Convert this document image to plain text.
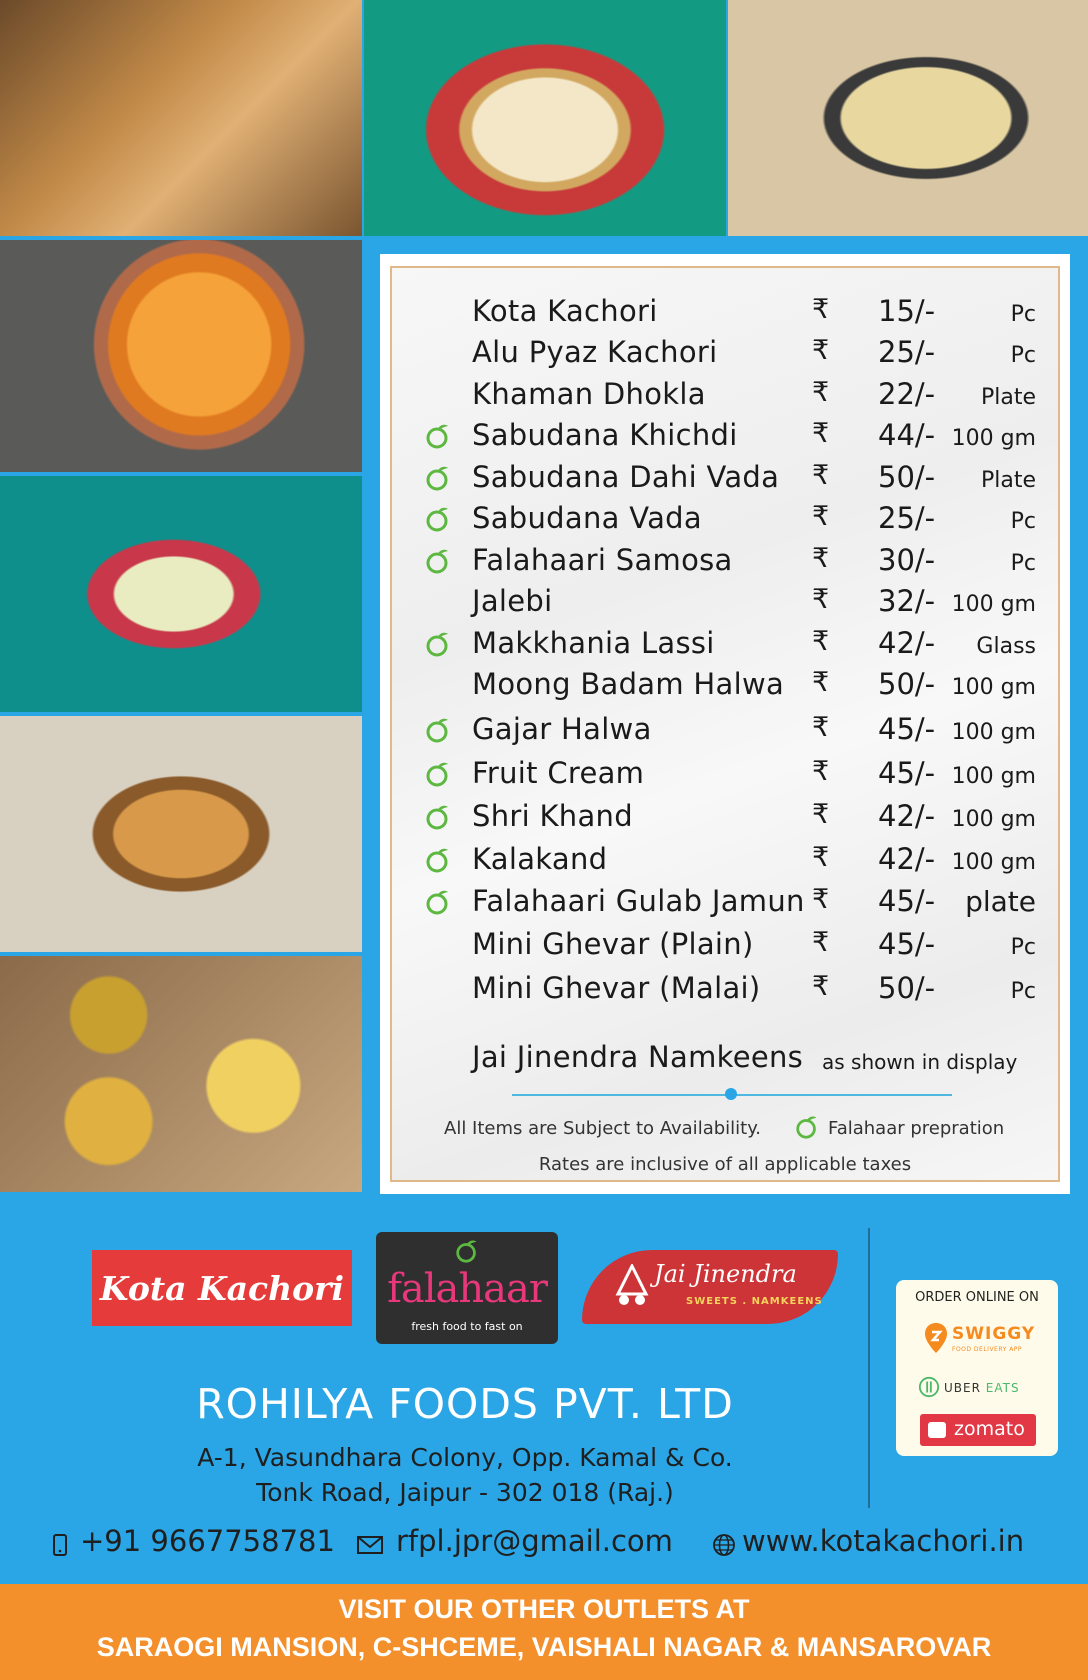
Kota Kachori	₹ 15/-	Pc
Alu Pyaz Kachori	₹ 25/-	Pc
Khaman Dhokla	₹ 22/- Plate
Sabudana Khichdi	₹ 44/- 100 gm
Sabudana Dahi Vada ₹ 50/- Plate
Sabudana Vada	₹ 25/-	Pc
Falahaari Samosa	₹ 30/-	Pc
Jalebi	₹ 32/- 100 gm
Makkhania Lassi	₹ 42/- Glass
Moong Badam Halwa ₹ 50/- 100 gm
Gajar Halwa	₹ 45/- 100 gm
Fruit Cream	₹ 45/- 100 gm
Shri Khand	₹ 42/- 100 gm
Kalakand	₹ 42/- 100 gm
Falahaari Gulab Jamun ₹ 45/- plate
Mini Ghevar (Plain) ₹ 45/-	Pc
Mini Ghevar (Malai) ₹ 50/-	Pc
Jai Jinendra Namkeens as shown in display
All Items are Subject to Availability.	Falahaar prepration
Rates are inclusive of all applicable taxes
Kota Kachori falahaar
fresh food to fast on
Jai Jinendra
SWEETS . NAMKEENS	ORDER ONLINE ON
SWIGGY
FOOD DELIVERY APP
UBER EATS
zomato
ROHILYA FOODS PVT. LTD
A-1, Vasundhara Colony, Opp. Kamal & Co.
Tonk Road, Jaipur - 302 018 (Raj.)
+91 9667758781 rfpl.jpr@gmail.com www.kotakachori.in
VISIT OUR OTHER OUTLETS AT
SARAOGI MANSION, C-SHCEME, VAISHALI NAGAR & MANSAROVAR
